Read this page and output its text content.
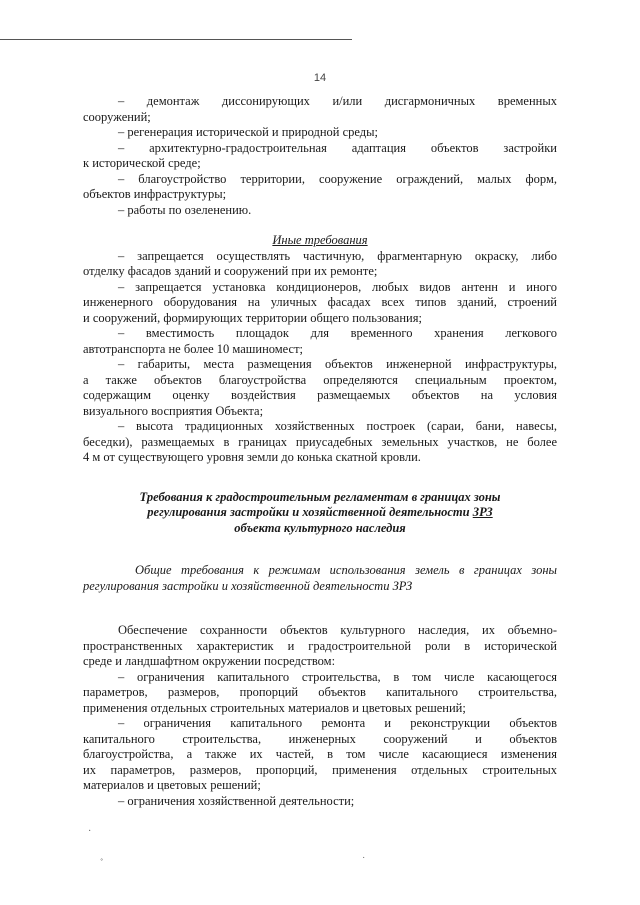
14
– демонтаж диссонирующих и/или дисгармоничных временных
сооружений;
– регенерация исторической и природной среды;
– архитектурно-градостроительная адаптация объектов застройки
к исторической среде;
– благоустройство территории, сооружение ограждений, малых форм,
объектов инфраструктуры;
– работы по озеленению.
Иные требования
– запрещается осуществлять частичную, фрагментарную окраску, либо
отделку фасадов зданий и сооружений при их ремонте;
– запрещается установка кондиционеров, любых видов антенн и иного
инженерного оборудования на уличных фасадах всех типов зданий, строений
и сооружений, формирующих территории общего пользования;
– вместимость площадок для временного хранения легкового
автотранспорта не более 10 машиномест;
– габариты, места размещения объектов инженерной инфраструктуры,
а также объектов благоустройства определяются специальным проектом,
содержащим оценку воздействия размещаемых объектов на условия
визуального восприятия Объекта;
– высота традиционных хозяйственных построек (сараи, бани, навесы,
беседки), размещаемых в границах приусадебных земельных участков, не более
4 м от существующего уровня земли до конька скатной кровли.
Требования к градостроительным регламентам в границах зоны
регулирования застройки и хозяйственной деятельности ЗРЗ
объекта культурного наследия
Общие требования к режимам использования земель в границах зоны
регулирования застройки и хозяйственной деятельности ЗРЗ
Обеспечение сохранности объектов культурного наследия, их объемно-
пространственных характеристик и градостроительной роли в исторической
среде и ландшафтном окружении посредством:
– ограничения капитального строительства, в том числе касающегося
параметров, размеров, пропорций объектов капитального строительства,
применения отдельных строительных материалов и цветовых решений;
– ограничения капитального ремонта и реконструкции объектов
капитального строительства, инженерных сооружений и объектов
благоустройства, а также их частей, в том числе касающиеся изменения
их параметров, размеров, пропорций, применения отдельных строительных
материалов и цветовых решений;
– ограничения хозяйственной деятельности;
·
˚	˙
